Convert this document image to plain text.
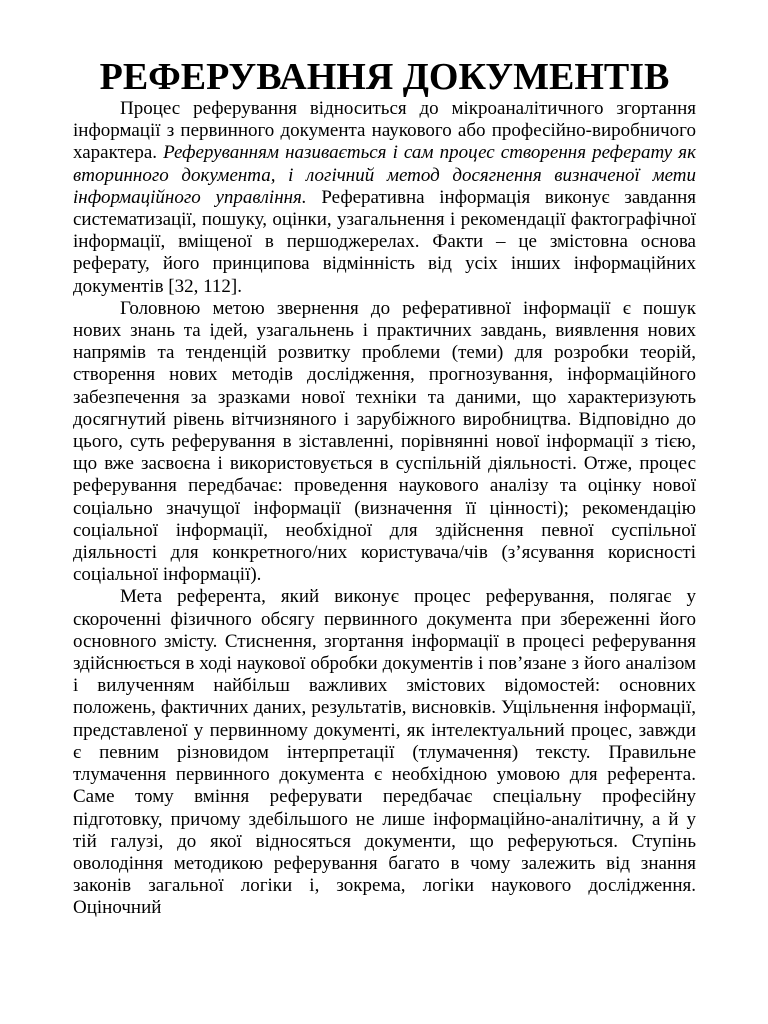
РЕФЕРУВАННЯ ДОКУМЕНТІВ

Процес реферування відноситься до мікроаналітичного згортання інформації з первинного документа наукового або професійно-виробничого характера. Реферуванням називається і сам процес створення реферату як вторинного документа, і логічний метод досягнення визначеної мети інформаційного управління. Реферативна інформація виконує завдання систематизації, пошуку, оцінки, узагальнення і рекомендації фактографічної інформації, вміщеної в першоджерелах. Факти – це змістовна основа реферату, його принципова відмінність від усіх інших інформаційних документів [32, 112].

Головною метою звернення до реферативної інформації є пошук нових знань та ідей, узагальнень і практичних завдань, виявлення нових напрямів та тенденцій розвитку проблеми (теми) для розробки теорій, створення нових методів дослідження, прогнозування, інформаційного забезпечення за зразками нової техніки та даними, що характеризують досягнутий рівень вітчизняного і зарубіжного виробництва. Відповідно до цього, суть реферування в зіставленні, порівнянні нової інформації з тією, що вже засвоєна і використовується в суспільній діяльності. Отже, процес реферування передбачає: проведення наукового аналізу та оцінку нової соціально значущої інформації (визначення її цінності); рекомендацію соціальної інформації, необхідної для здійснення певної суспільної діяльності для конкретного/них користувача/чів (з’ясування корисності соціальної інформації).

Мета референта, який виконує процес реферування, полягає у скороченні фізичного обсягу первинного документа при збереженні його основного змісту. Стиснення, згортання інформації в процесі реферування здійснюється в ході наукової обробки документів і пов’язане з його аналізом і вилученням найбільш важливих змістових відомостей: основних положень, фактичних даних, результатів, висновків. Ущільнення інформації, представленої у первинному документі, як інтелектуальний процес, завжди є певним різновидом інтерпретації (тлумачення) тексту. Правильне тлумачення первинного документа є необхідною умовою для референта. Саме тому вміння реферувати передбачає спеціальну професійну підготовку, причому здебільшого не лише інформаційно-аналітичну, а й у тій галузі, до якої відносяться документи, що реферуються. Ступінь оволодіння методикою реферування багато в чому залежить від знання законів загальної логіки і, зокрема, логіки наукового дослідження. Оціночний
